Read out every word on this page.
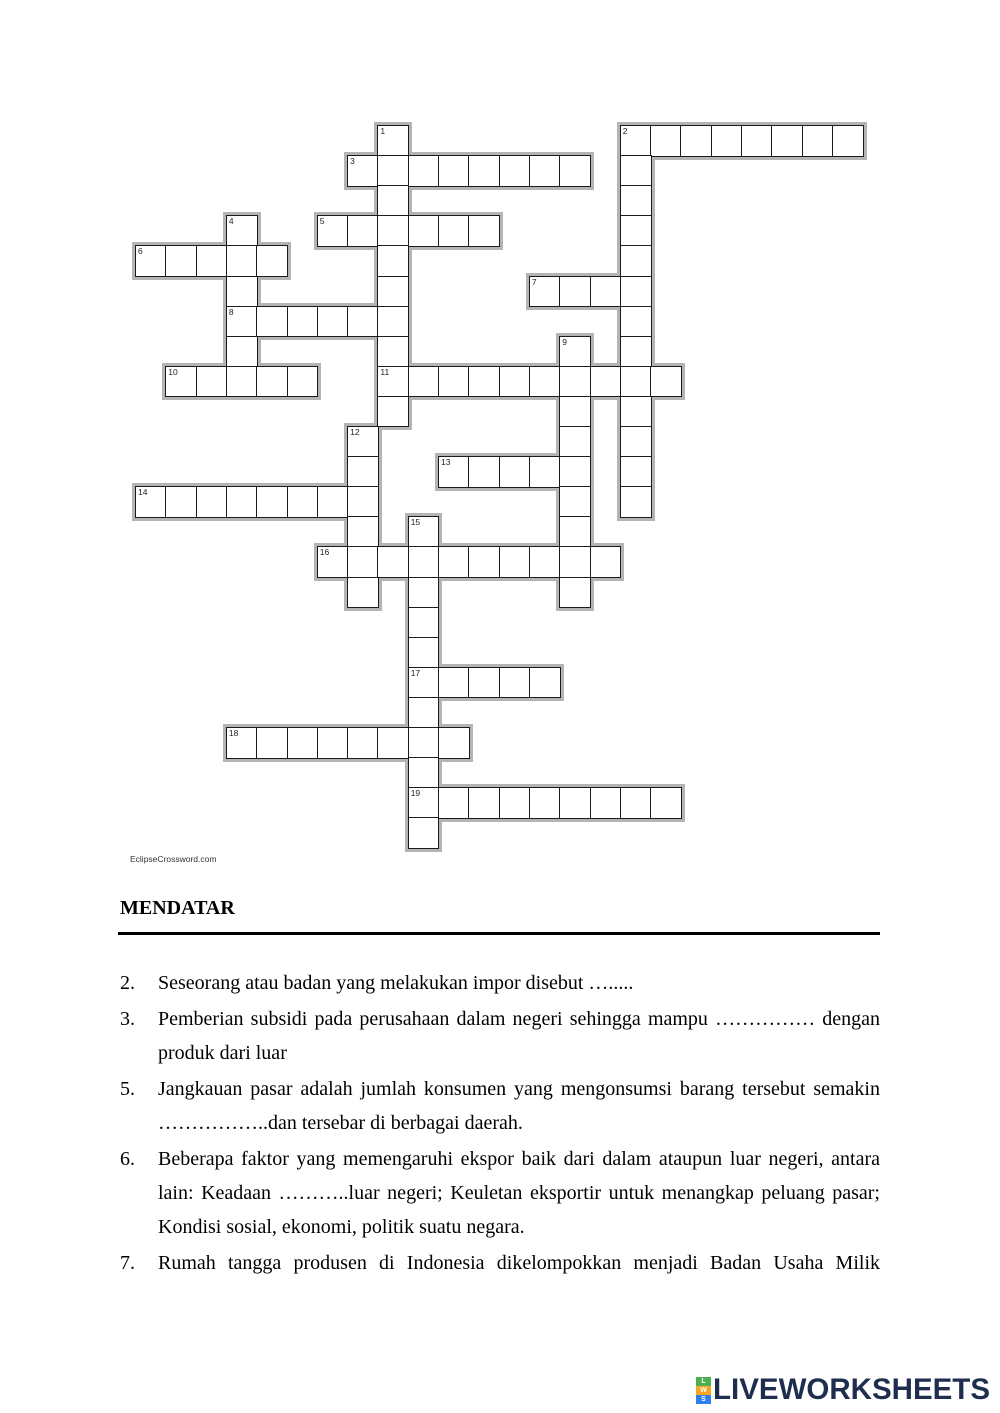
1	2
3
4	5
6
7
8
9
10	11
12
13
14
15
16
17
18
19
EclipseCrossword.com
MENDATAR
2. Seseorang atau badan yang melakukan impor disebut ….....
3. Pemberian subsidi pada perusahaan dalam negeri sehingga mampu …………… dengan
produk dari luar
5. Jangkauan pasar adalah jumlah konsumen yang mengonsumsi barang tersebut semakin
……………..dan tersebar di berbagai daerah.
6. Beberapa faktor yang memengaruhi ekspor baik dari dalam ataupun luar negeri, antara
lain: Keadaan ………..luar negeri; Keuletan eksportir untuk menangkap peluang pasar;
Kondisi sosial, ekonomi, politik suatu negara.
7. Rumah tangga produsen di Indonesia dikelompokkan menjadi Badan Usaha Milik
L
W
S LIVEWORKSHEETS
